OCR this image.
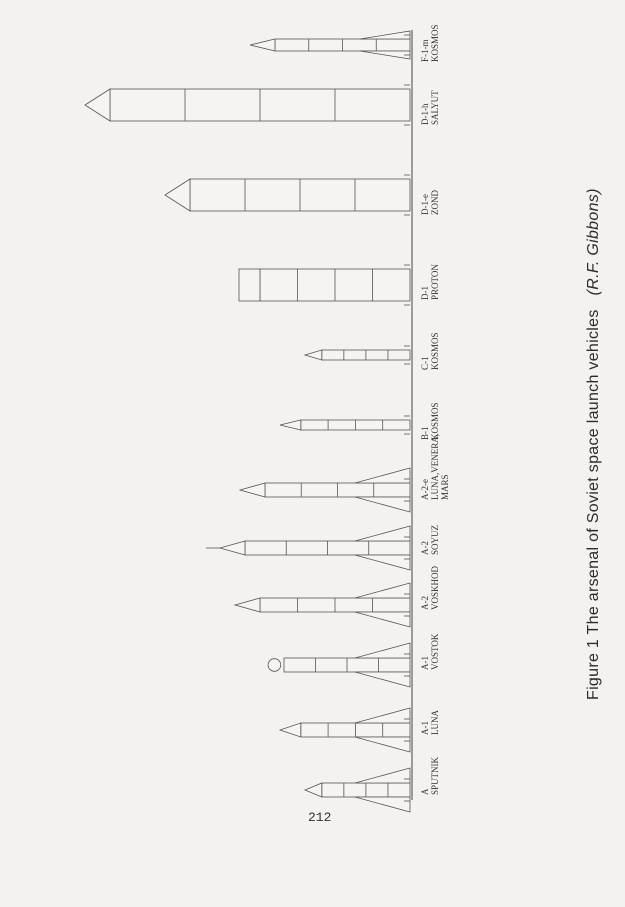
A
SPUTNIK
A-1
LUNA
A-1
VOSTOK
A-2
VOSKHOD
A-2
SOYUZ
A-2-e
LUNA,VENERA,
MARS
B-1
KOSMOS
C-1
KOSMOS
D-1
PROTON
D-1-e
ZOND
D-1-h
SALYUT
F-1-m
KOSMOS
Figure 1 The arsenal of Soviet space launch vehicles(R.F. Gibbons)
212
